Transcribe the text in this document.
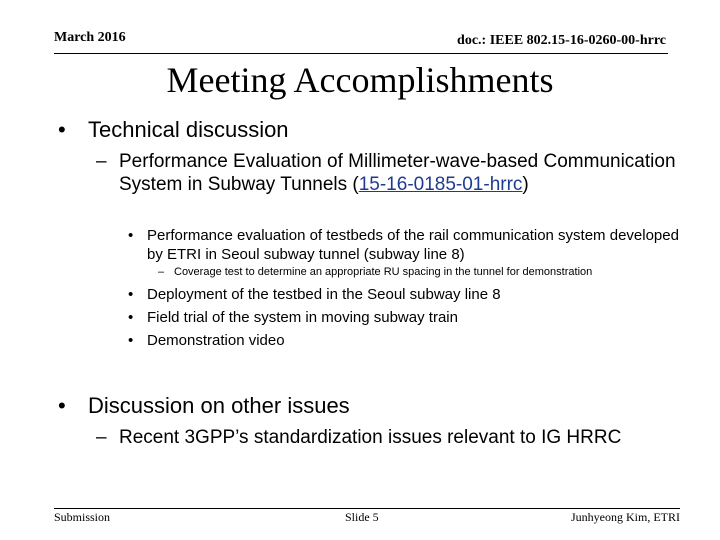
March 2016	doc.: IEEE 802.15-16-0260-00-hrrc
Meeting Accomplishments
• Technical discussion
– Performance Evaluation of Millimeter-wave-based Communication System in Subway Tunnels (15-16-0185-01-hrrc)
• Performance evaluation of testbeds of the rail communication system developed by ETRI in Seoul subway tunnel (subway line 8)
– Coverage test to determine an appropriate RU spacing in the tunnel for demonstration
• Deployment of the testbed in the Seoul subway line 8
• Field trial of the system in moving subway train
• Demonstration video
• Discussion on other issues
– Recent 3GPP’s standardization issues relevant to IG HRRC
Submission	Slide 5	Junhyeong Kim, ETRI
